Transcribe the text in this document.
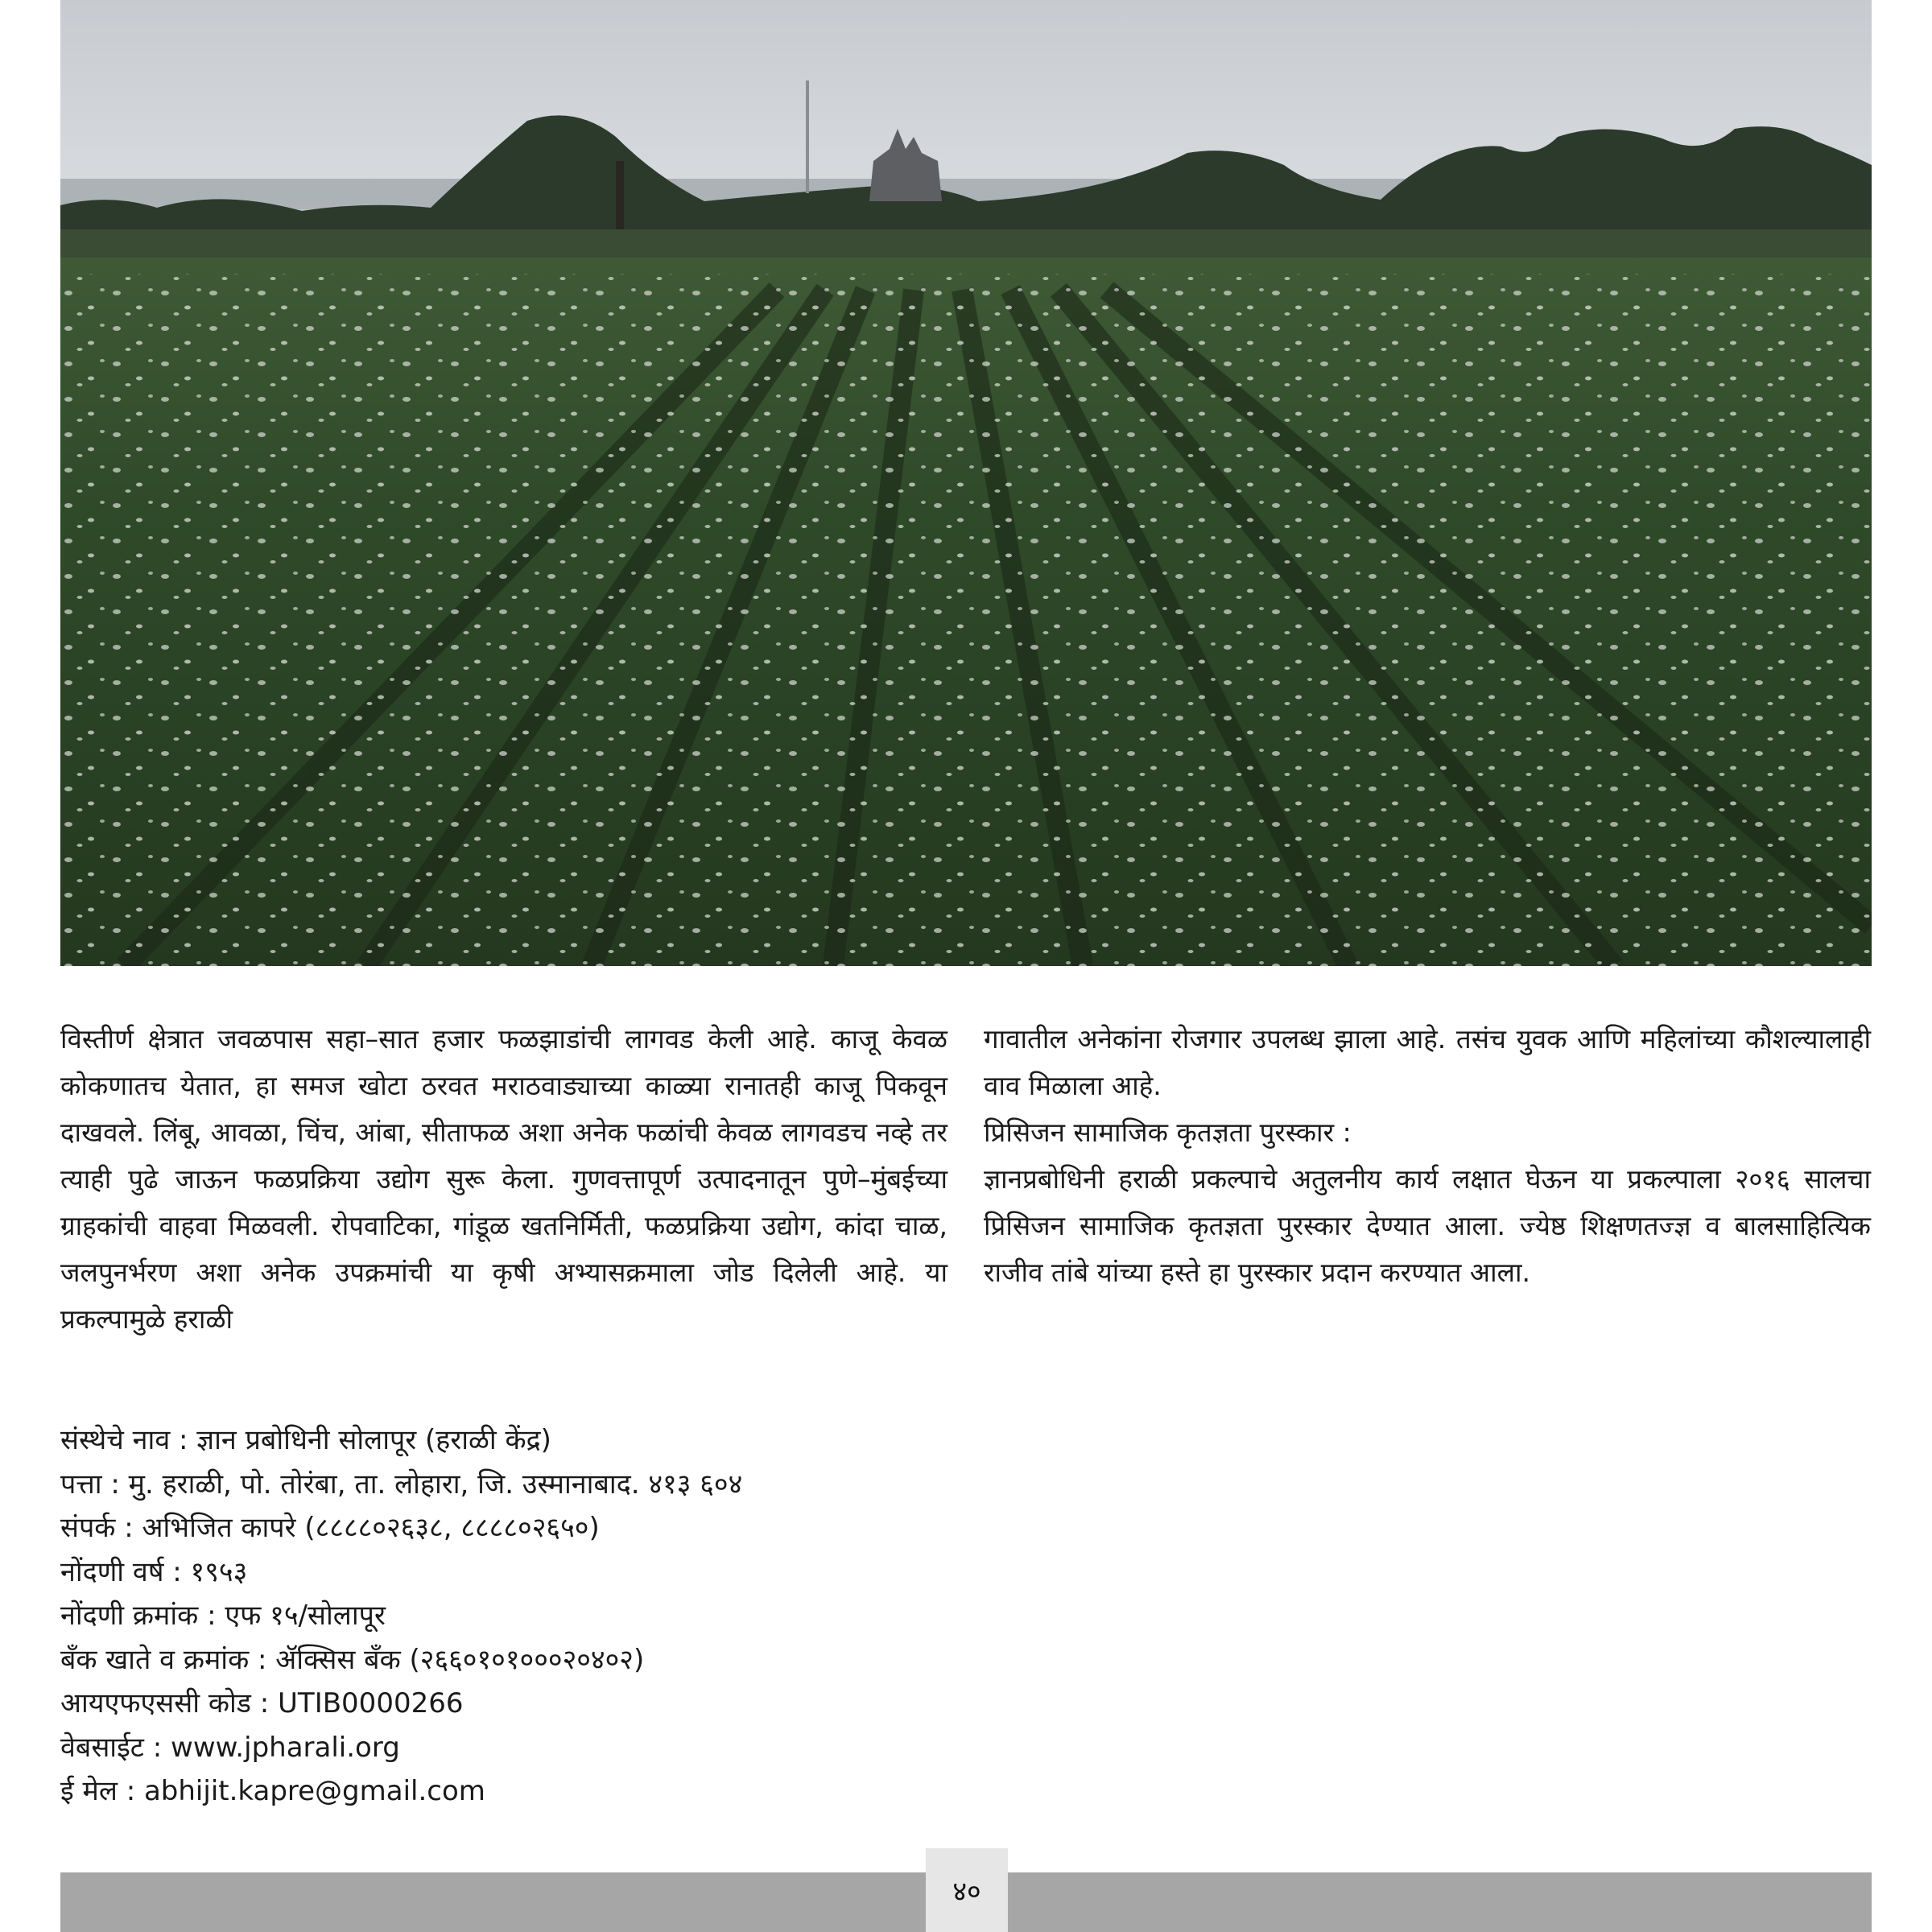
विस्तीर्ण क्षेत्रात जवळपास सहा–सात हजार फळझाडांची लागवड केली आहे. काजू केवळ कोकणातच येतात, हा समज खोटा ठरवत मराठवाड्याच्या काळ्या रानातही काजू पिकवून दाखवले. लिंबू, आवळा, चिंच, आंबा, सीताफळ अशा अनेक फळांची केवळ लागवडच नव्हे तर त्याही पुढे जाऊन फळप्रक्रिया उद्योग सुरू केला. गुणवत्तापूर्ण उत्पादनातून पुणे–मुंबईच्या ग्राहकांची वाहवा मिळवली. रोपवाटिका, गांडूळ खतनिर्मिती, फळप्रक्रिया उद्योग, कांदा चाळ, जलपुनर्भरण अशा अनेक उपक्रमांची या कृषी अभ्यासक्रमाला जोड दिलेली आहे. या प्रकल्पामुळे हराळी

गावातील अनेकांना रोजगार उपलब्ध झाला आहे. तसंच युवक आणि महिलांच्या कौशल्यालाही वाव मिळाला आहे.

प्रिसिजन सामाजिक कृतज्ञता पुरस्कार :

ज्ञानप्रबोधिनी हराळी प्रकल्पाचे अतुलनीय कार्य लक्षात घेऊन या प्रकल्पाला २०१६ सालचा प्रिसिजन सामाजिक कृतज्ञता पुरस्कार देण्यात आला. ज्येष्ठ शिक्षणतज्ज्ञ व बालसाहित्यिक राजीव तांबे यांच्या हस्ते हा पुरस्कार प्रदान करण्यात आला.

संस्थेचे नाव : ज्ञान प्रबोधिनी सोलापूर (हराळी केंद्र)
पत्ता : मु. हराळी, पो. तोरंबा, ता. लोहारा, जि. उस्मानाबाद. ४१३ ६०४
संपर्क : अभिजित कापरे (८८८८०२६३८, ८८८८०२६५०)
नोंदणी वर्ष : १९५३
नोंदणी क्रमांक : एफ १५/सोलापूर
बँक खाते व क्रमांक : ॲक्सिस बँक (२६६०१०१०००२०४०२)
आयएफएससी कोड : UTIB0000266
वेबसाईट : www.jpharali.org
ई मेल : abhijit.kapre@gmail.com
४०
